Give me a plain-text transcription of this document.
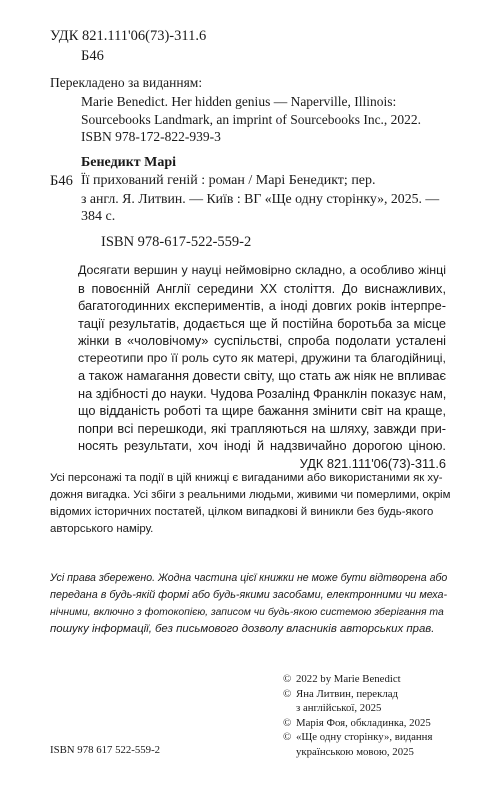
УДК 821.111'06(73)-311.6
Б46
Перекладено за виданням:
Marie Benedict. Her hidden genius — Naperville, Illinois:
Sourcebooks Landmark, an imprint of Sourcebooks Inc., 2022.
ISBN 978-172-822-939-3
Бенедикт Марі
Б46 Її прихований геній : роман / Марі Бенедикт; пер.
з англ. Я. Литвин. — Київ : ВГ «Ще одну сторінку», 2025. —
384 с.
ISBN 978-617-522-559-2
Досягати вершин у науці неймовірно складно, а особливо жінці
в повоєнній Англії середини ХХ століття. До виснажливих,
багатогодинних експериментів, а іноді довгих років інтерпре-
тації результатів, додається ще й постійна боротьба за місце
жінки в «чоловічому» суспільстві, спроба подолати усталені
стереотипи про її роль суто як матері, дружини та благодійниці,
а також намагання довести світу, що стать аж ніяк не впливає
на здібності до науки. Чудова Розалінд Франклін показує нам,
що відданість роботі та щире бажання змінити світ на краще,
попри всі перешкоди, які трапляються на шляху, завжди при-
носять результати, хоч іноді й надзвичайно дорогою ціною.
УДК 821.111'06(73)-311.6
Усі персонажі та події в цій книжці є вигаданими або використаними як ху-
дожня вигадка. Усі збіги з реальними людьми, живими чи померлими, окрім
відомих історичних постатей, цілком випадкові й виникли без будь-якого
авторського наміру.
Усі права збережено. Жодна частина цієї книжки не може бути відтворена або
передана в будь-якій формі або будь-якими засобами, електронними чи меха-
нічними, включно з фотокопією, записом чи будь-якою системою зберігання та
пошуку інформації, без письмового дозволу власників авторських прав.
© 2022 by Marie Benedict
© Яна Литвин, переклад
з англійської, 2025
© Марія Фоя, обкладинка, 2025
© «Ще одну сторінку», видання
українською мовою, 2025
ISBN 978 617 522-559-2
